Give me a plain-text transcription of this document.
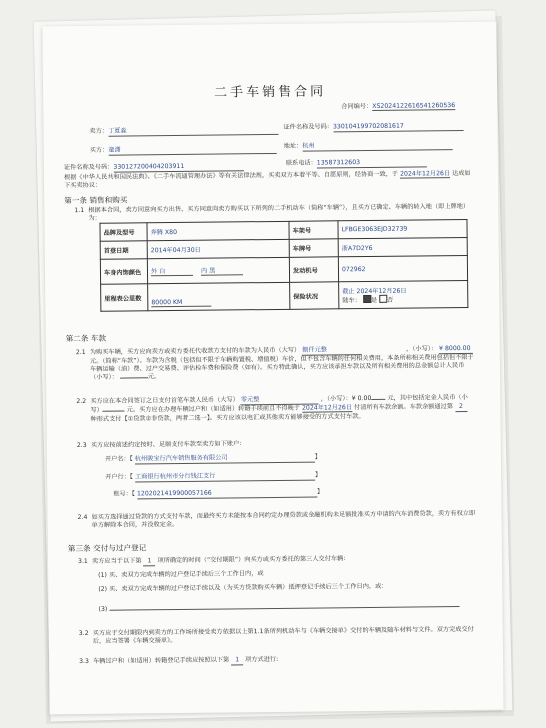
二手车销售合同
合同编号：XS2024122616541260536
卖方：丁夏淼
证件名称及号码：330104199702081617
买方：童潇
地址：杭州
证件名称及号码：330127200404203911	联系电话：13587312603
根据《中华人民共和国民法典》、《二手车流通管理办法》等有关法律法规，买卖双方本着平等、自愿原则，经协商一致，于 2024年12月26日 达成如下买卖协议：
第一条 销售和购买
1.1 根据本合同，卖方同意向买方出售、买方同意向卖方购买以下所列的二手机动车（简称“车辆”），且买方已确定、车辆的转入地（即上牌地）为：
品牌及型号	奔腾 X80	车架号	LFBGE3063EJD32739
首登日期	2014年04月30日	车牌号	浙A7D2Y6
车身内饰颜色	外 白 内 黑	发动机号	072962
里程表公里数	80000 KM	保险状况	截止 2024年12月26日
陆车： 是 否
第二条 车款
2.1 为购买车辆，买方应向卖方或卖方委托代收款方支付的车款为人民币（大写） 捌仟元整	，（小写）： ¥ 8000.00元。（简称“车款”）。车款为含税（包括但不限于车辆购置税、增值税）车价，但不包含车辆的任何相关费用，本条所称相关费用包括但不限于车辆运输（油）费、过户交易费、评估检车费和保险费（如有）。买方特此确认，买方应该承担车款以及所有相关费用的总金额总计人民币（小写）：	元。
2.2 买方应在本合同签订之日支付首笔车款人民币（大写） 零元整	，（小写）：¥ 0.00	元，其中包括定金人民币（小写）	元。买方应在办理车辆过户和（如适用）转籍手续前且不得晚于 2024年12月26日 付清所有车款余额。车款余额通过第 2 种形式支付【①贷款②非贷款，两者二选一】。买方应该以电汇或其他卖方能够接受的方式支付车款。
2.3 买方应按前述约定按时、足额支付车款至卖方如下账户：
开户名：【 杭州骏宝行汽车销售服务有限公司	】
开户行：【 工商银行杭州市分行钱江支行	】
账号：【 1202021419900057166	】
2.4 如买方选择通过贷款的方式支付车款，而最终买方未能按本合同约定办理贷款或金融机构未足额批准买方申请的汽车消费贷款，卖方有权立即单方解除本合同，并没收定金。
第三条 交付与过户登记
3.1 卖方应当于以下第 1 项所确定的时间（“交付期限”）向买方或买方委托的第三人交付车辆：
(1) 买、卖双方完成车辆的过户登记手续后三个工作日内，或
(2) 买、卖双方完成车辆的过户登记手续以及（为买方贷款购买车辆）抵押登记手续后三个工作日内，或：
(3)
3.2 买方应于交付期限内到卖方的工作场所接受卖方依据以上第1.1条所列机动车与《车辆交接单》交付的车辆及随车材料与文件。双方完成交付后，应当签署《车辆交接单》。
3.3 车辆过户和（如适用）转籍登记手续应按照以下第 1 项方式进行:
